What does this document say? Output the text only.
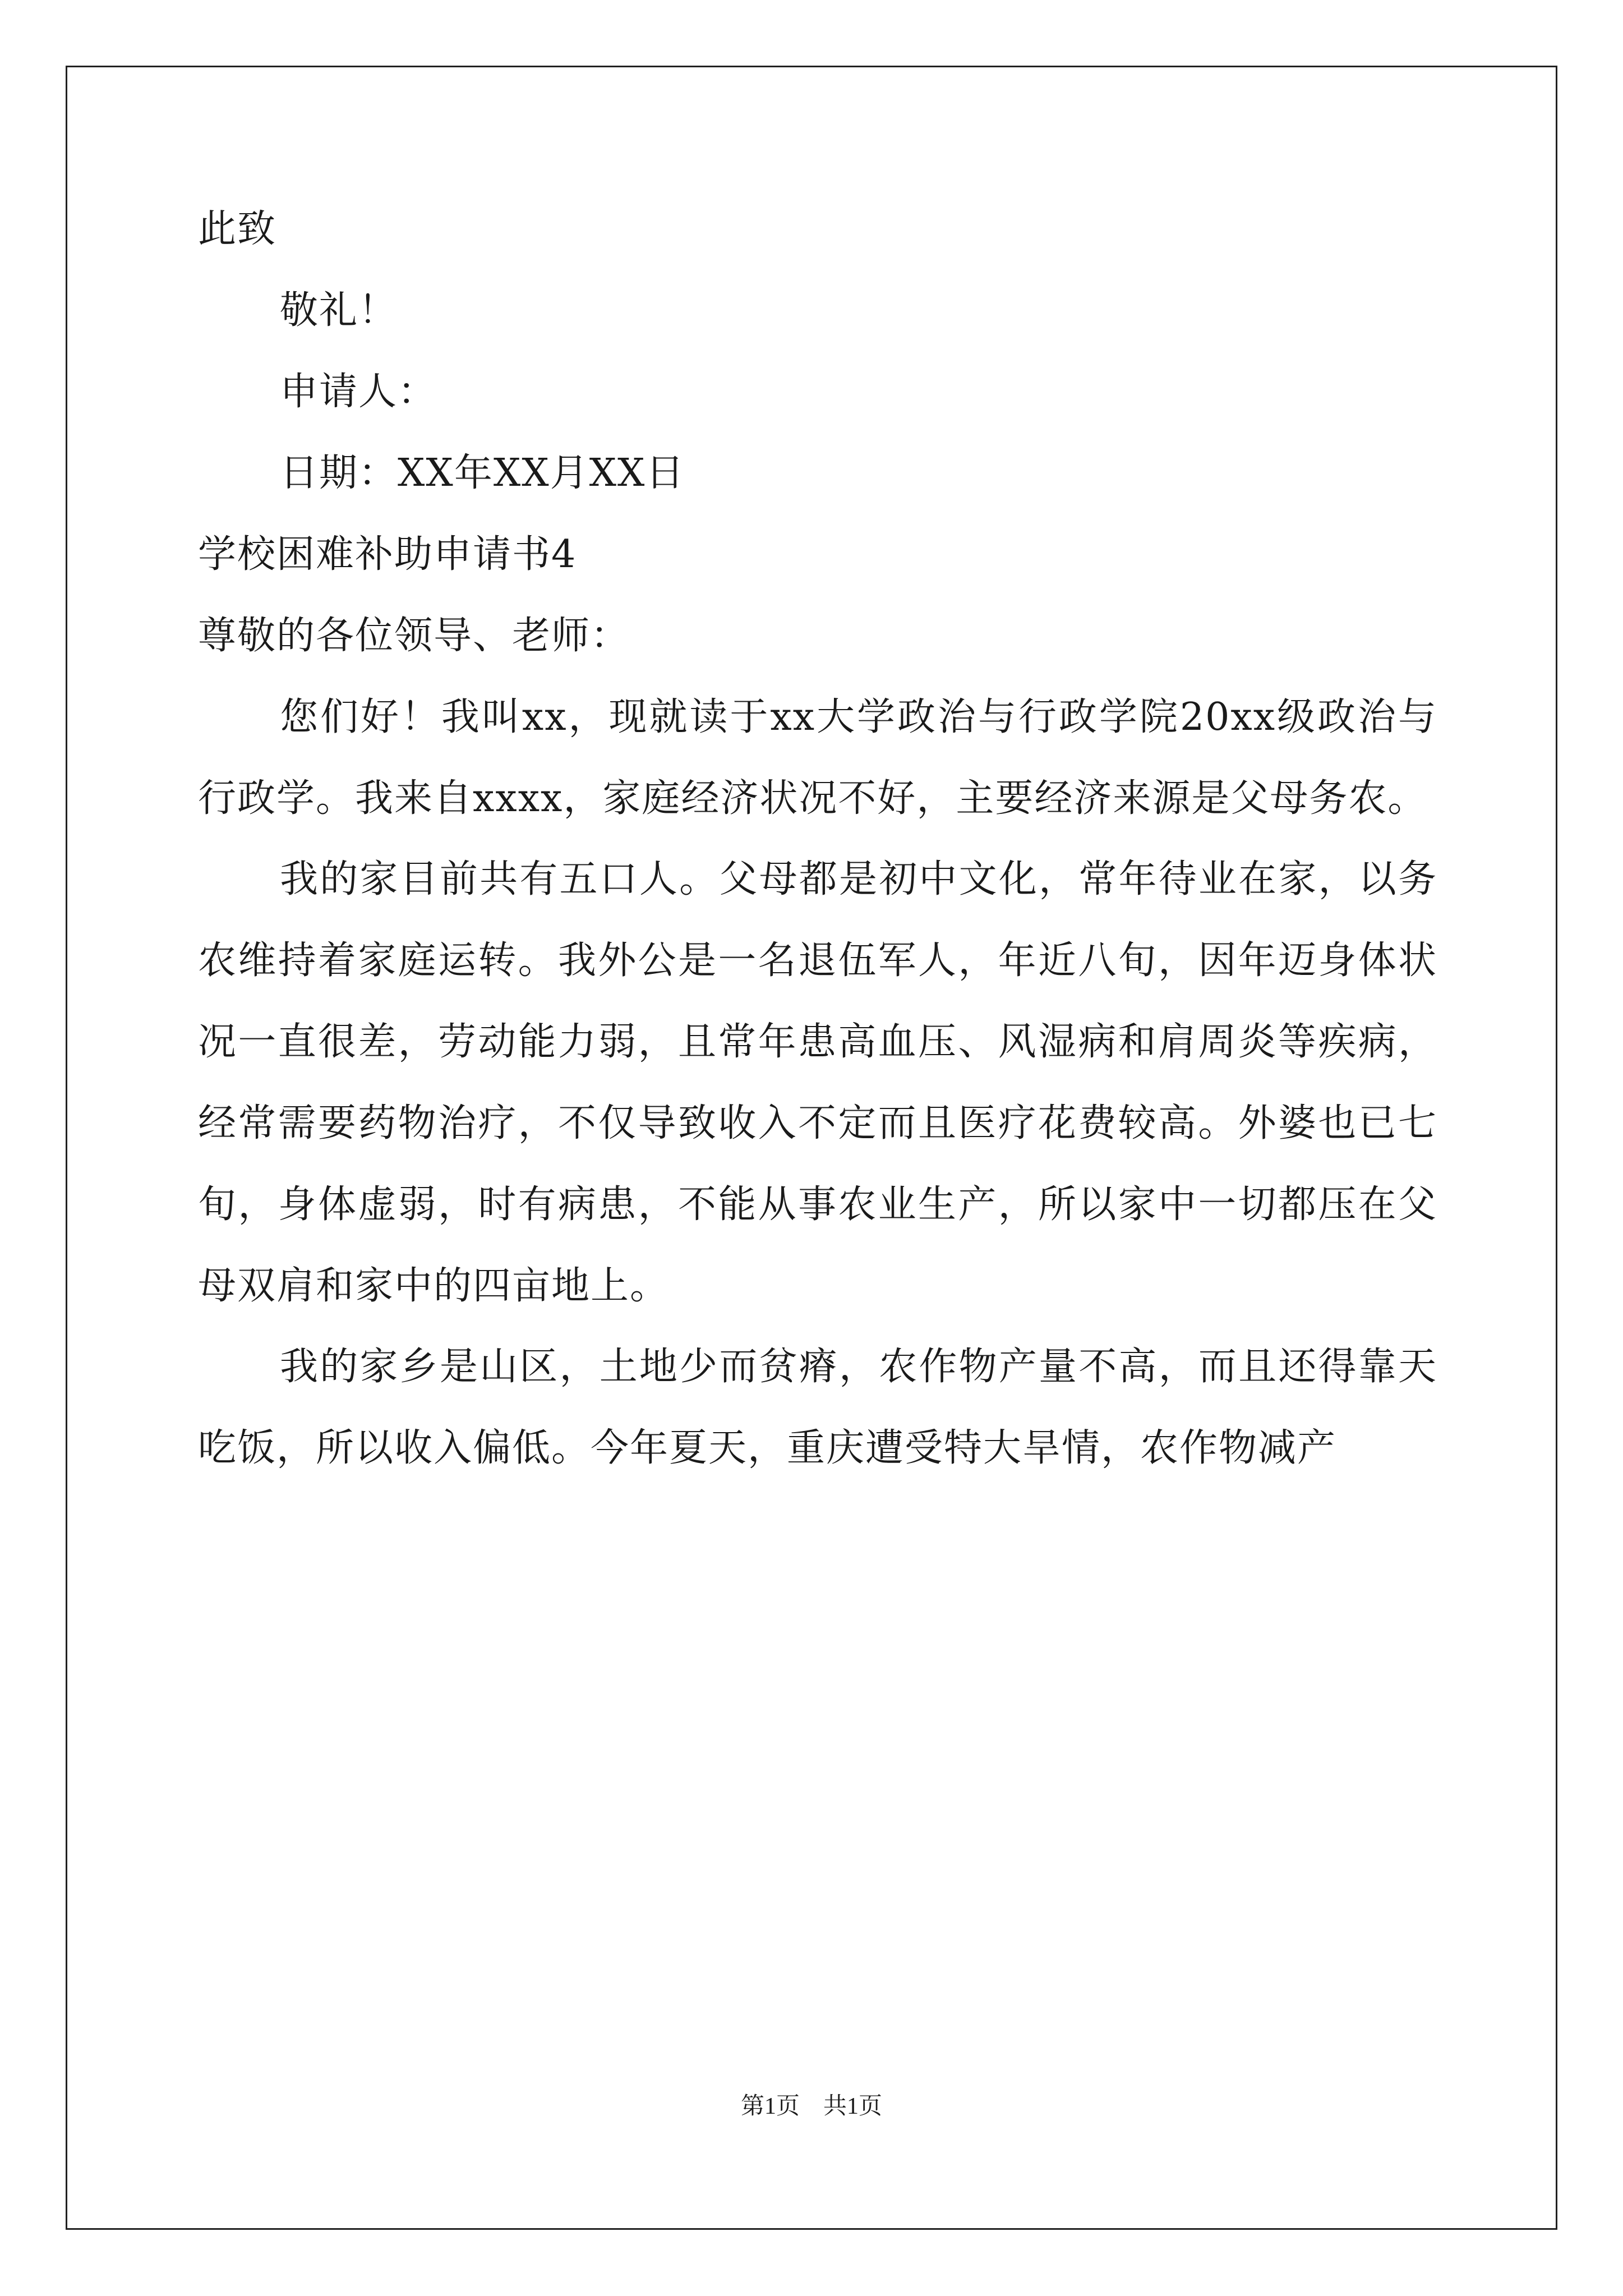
此致
敬礼！
申请人：
日期：XX年XX月XX日
学校困难补助申请书4
尊敬的各位领导、老师：

您们好！我叫xx，现就读于xx大学政治与行政学院20xx级政治与行政学。我来自xxxx，家庭经济状况不好，主要经济来源是父母务农。

我的家目前共有五口人。父母都是初中文化，常年待业在家，以务农维持着家庭运转。我外公是一名退伍军人，年近八旬，因年迈身体状况一直很差，劳动能力弱，且常年患高血压、风湿病和肩周炎等疾病，经常需要药物治疗，不仅导致收入不定而且医疗花费较高。外婆也已七旬，身体虚弱，时有病患，不能从事农业生产，所以家中一切都压在父母双肩和家中的四亩地上。

我的家乡是山区，土地少而贫瘠，农作物产量不高，而且还得靠天吃饭，所以收入偏低。今年夏天，重庆遭受特大旱情，农作物减产

第1页　共1页
